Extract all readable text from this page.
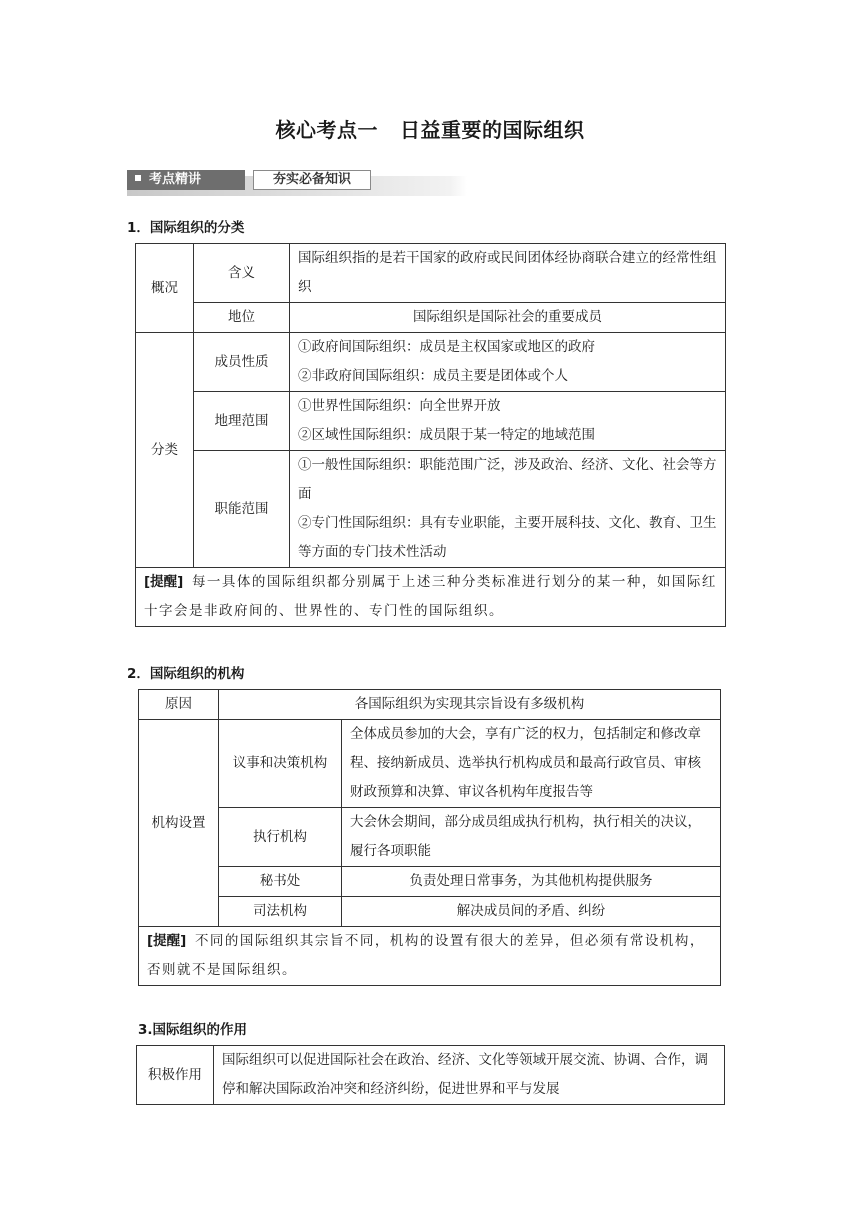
核心考点一 日益重要的国际组织
考点精讲	夯实必备知识
1．国际组织的分类
概况	含义	国际组织指的是若干国家的政府或民间团体经协商联合建立的经常性组织
	地位	国际组织是国际社会的重要成员
分类	成员性质	①政府间国际组织：成员是主权国家或地区的政府
②非政府间国际组织：成员主要是团体或个人

	地理范围	①世界性国际组织：向全世界开放
②区域性国际组织：成员限于某一特定的地域范围

	职能范围	①一般性国际组织：职能范围广泛，涉及政治、经济、文化、社会等方面
②专门性国际组织：具有专业职能，主要开展科技、文化、教育、卫生等方面的专门技术性活动

[提醒] 每一具体的国际组织都分别属于上述三种分类标准进行划分的某一种，如国际红十字会是非政府间的、世界性的、专门性的国际组织。		
2．国际组织的机构
原因	各国际组织为实现其宗旨设有多级机构	
机构设置	议事和决策机构	全体成员参加的大会，享有广泛的权力，包括制定和修改章程、接纳新成员、选举执行机构成员和最高行政官员、审核财政预算和决算、审议各机构年度报告等
	执行机构	大会休会期间，部分成员组成执行机构，执行相关的决议，履行各项职能
	秘书处	负责处理日常事务，为其他机构提供服务
	司法机构	解决成员间的矛盾、纠纷
[提醒] 不同的国际组织其宗旨不同，机构的设置有很大的差异，但必须有常设机构，否则就不是国际组织。		
3.国际组织的作用
积极作用	国际组织可以促进国际社会在政治、经济、文化等领域开展交流、协调、合作，调停和解决国际政治冲突和经济纠纷，促进世界和平与发展
